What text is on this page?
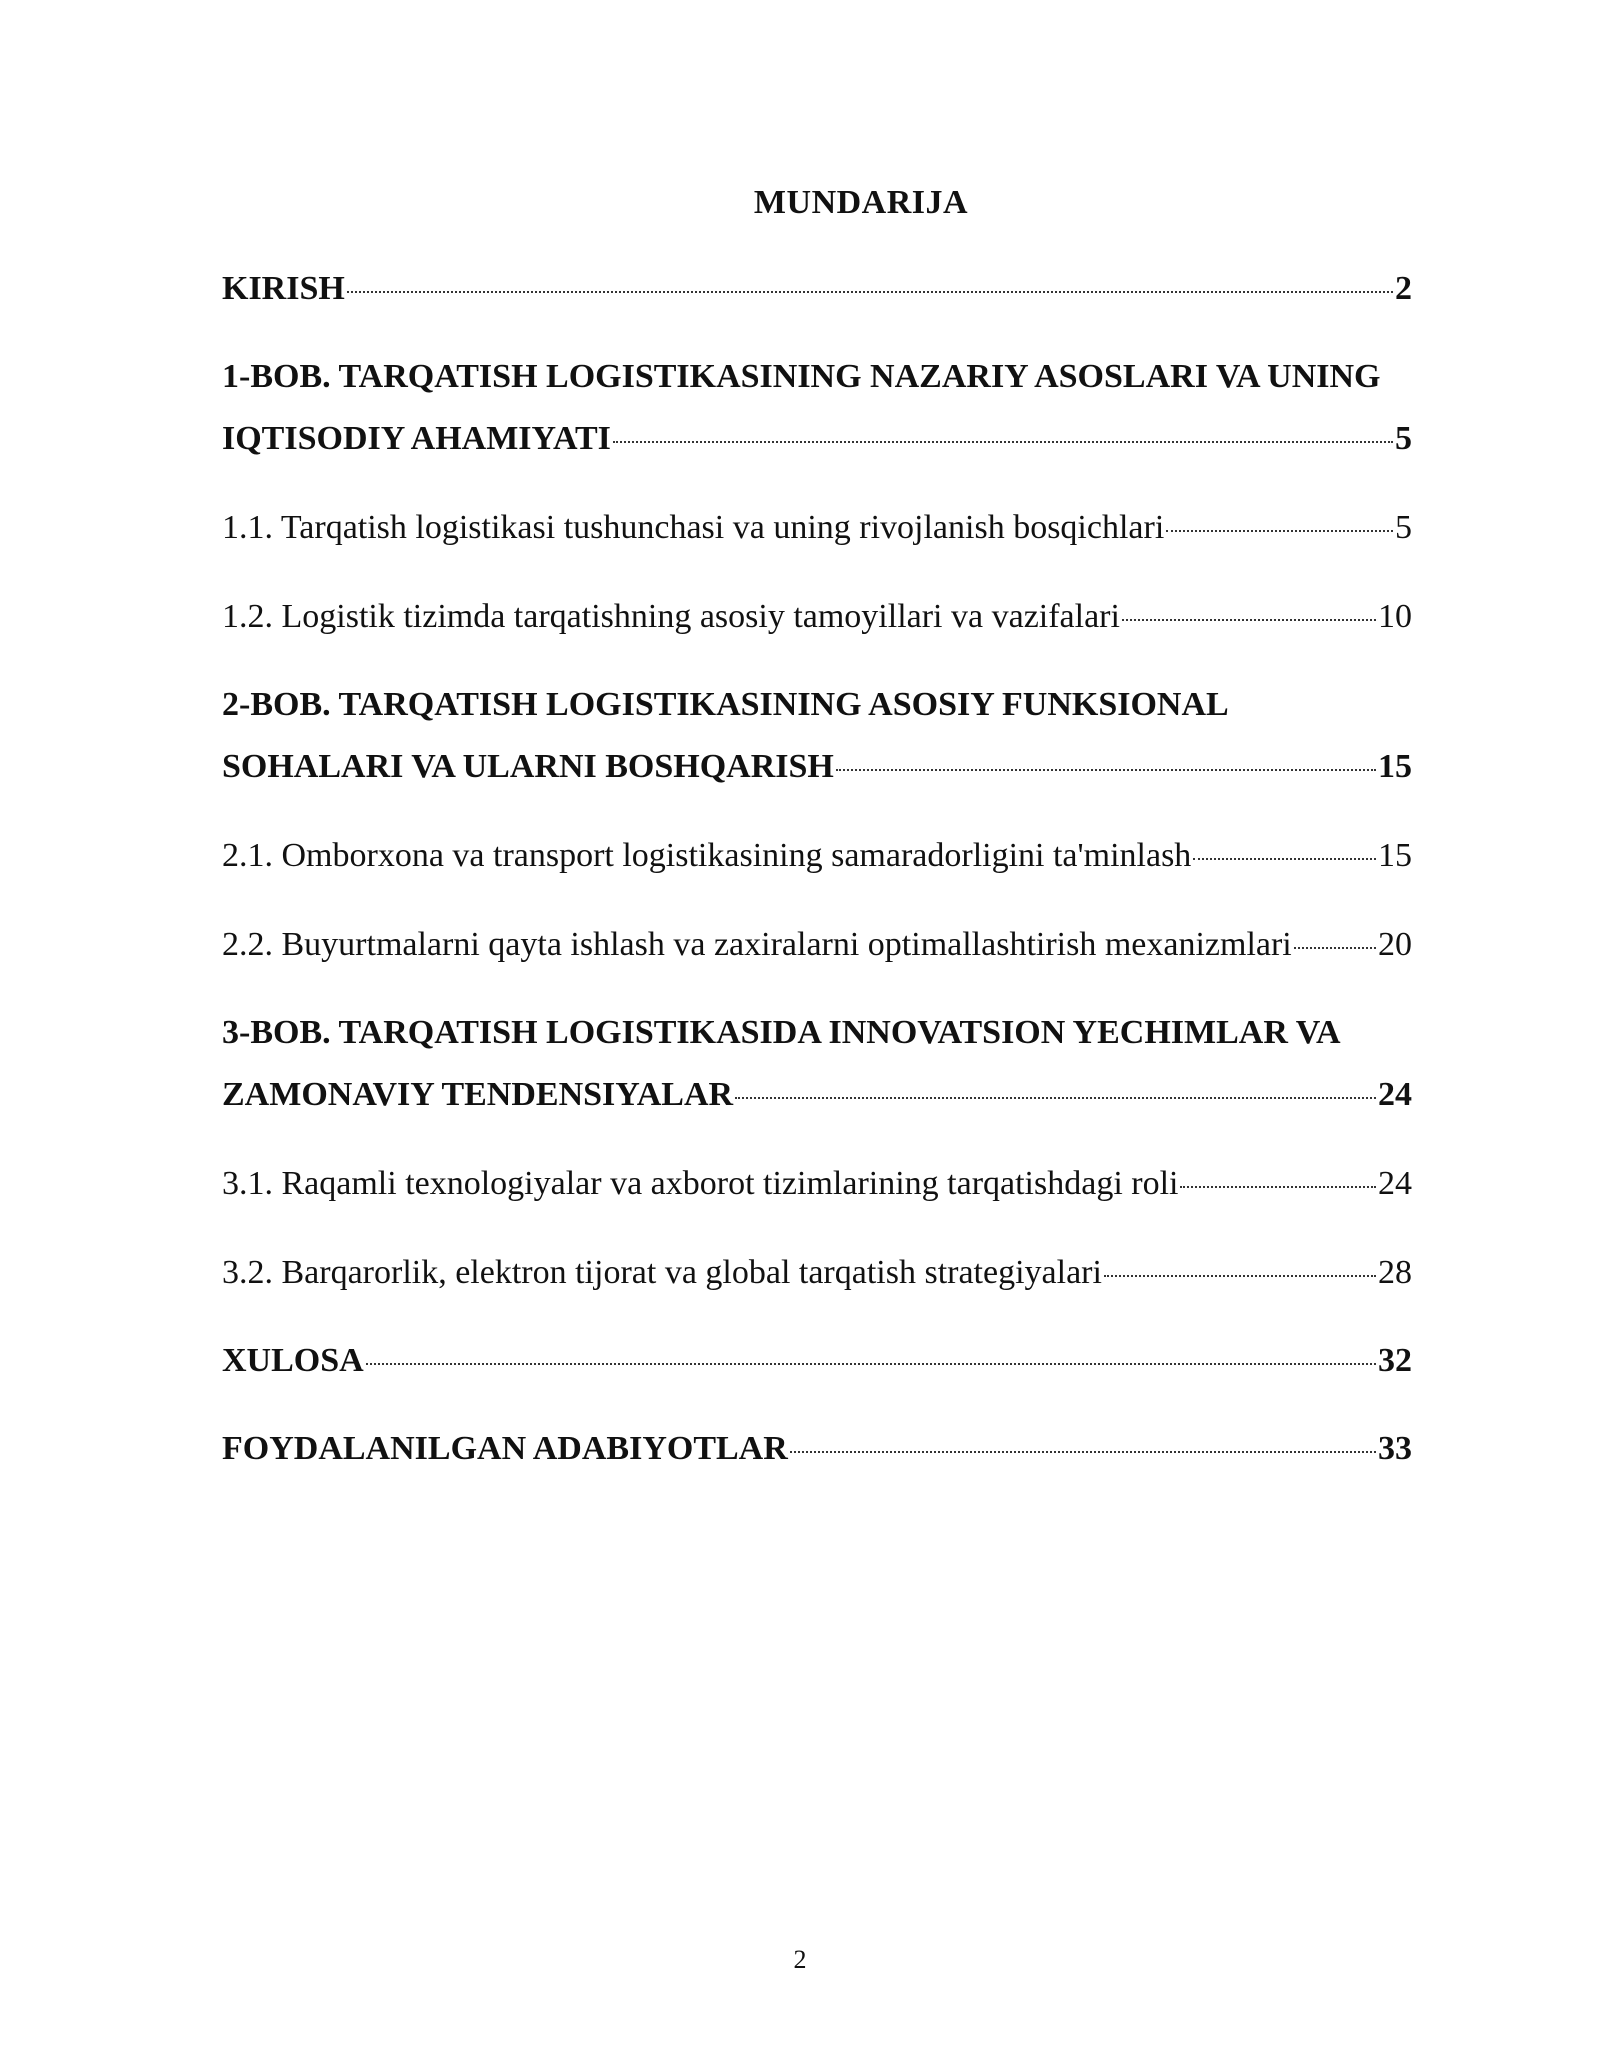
MUNDARIJA
KIRISH	2
1-BOB. TARQATISH LOGISTIKASINING NAZARIY ASOSLARI VA UNING
IQTISODIY AHAMIYATI	5
1.1. Tarqatish logistikasi tushunchasi va uning rivojlanish bosqichlari	5
1.2. Logistik tizimda tarqatishning asosiy tamoyillari va vazifalari	10
2-BOB. TARQATISH LOGISTIKASINING ASOSIY FUNKSIONAL
SOHALARI VA ULARNI BOSHQARISH	15
2.1. Omborxona va transport logistikasining samaradorligini ta'minlash	15
2.2. Buyurtmalarni qayta ishlash va zaxiralarni optimallashtirish mexanizmlari	20
3-BOB. TARQATISH LOGISTIKASIDA INNOVATSION YECHIMLAR VA
ZAMONAVIY TENDENSIYALAR	24
3.1. Raqamli texnologiyalar va axborot tizimlarining tarqatishdagi roli	24
3.2. Barqarorlik, elektron tijorat va global tarqatish strategiyalari	28
XULOSA	32
FOYDALANILGAN ADABIYOTLAR	33
2
